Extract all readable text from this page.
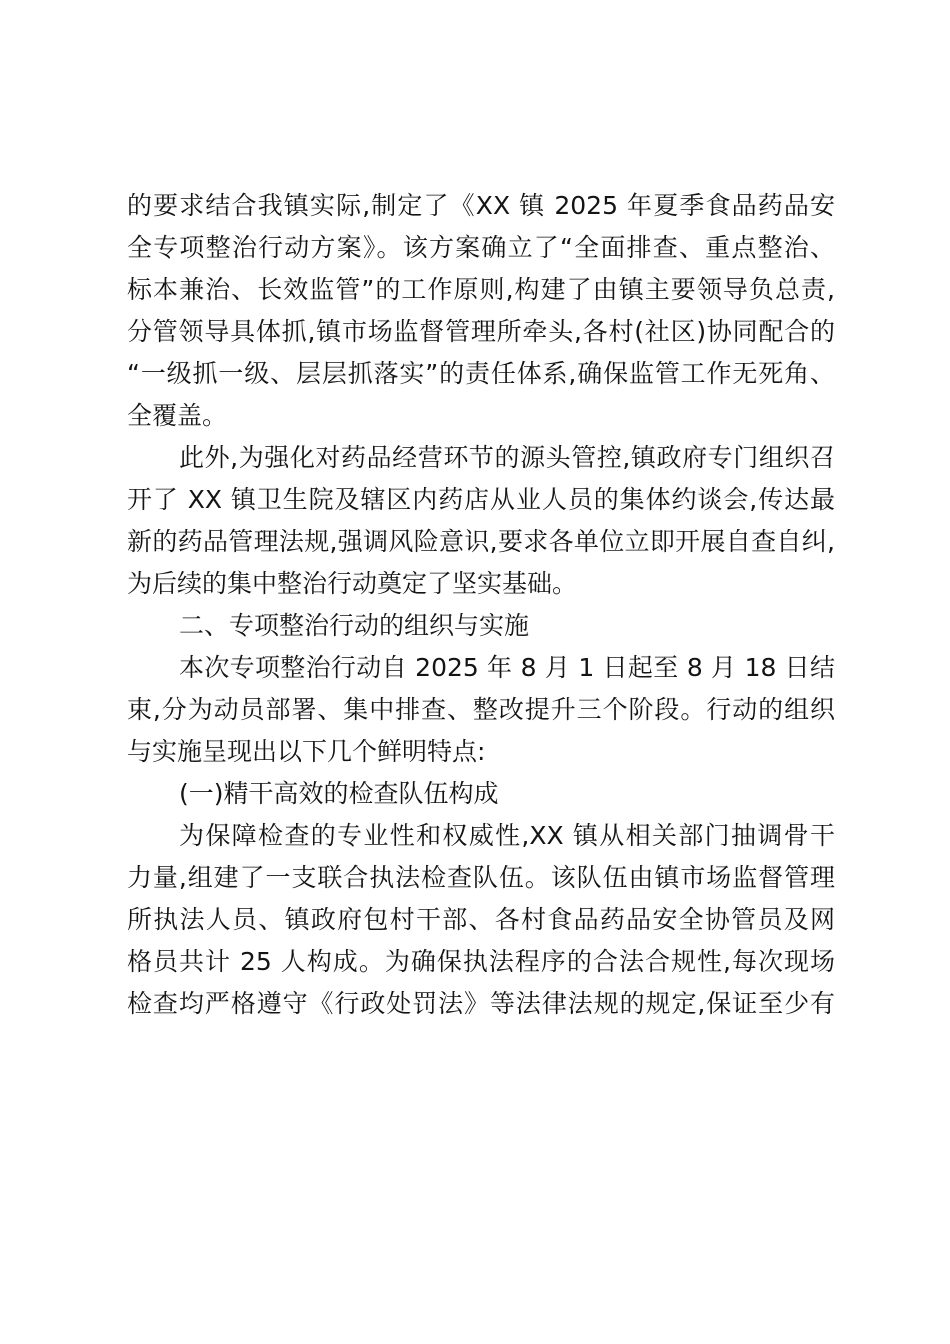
的要求结合我镇实际,制定了《XX 镇 2025 年夏季食品药品安
全专项整治行动方案》。该方案确立了“全面排查、重点整治、
标本兼治、长效监管”的工作原则,构建了由镇主要领导负总责,
分管领导具体抓,镇市场监督管理所牵头,各村(社区)协同配合的
“一级抓一级、层层抓落实”的责任体系,确保监管工作无死角、
全覆盖。
此外,为强化对药品经营环节的源头管控,镇政府专门组织召
开了 XX 镇卫生院及辖区内药店从业人员的集体约谈会,传达最
新的药品管理法规,强调风险意识,要求各单位立即开展自查自纠,
为后续的集中整治行动奠定了坚实基础。
二、专项整治行动的组织与实施
本次专项整治行动自 2025 年 8 月 1 日起至 8 月 18 日结
束,分为动员部署、集中排查、整改提升三个阶段。行动的组织
与实施呈现出以下几个鲜明特点:
(一)精干高效的检查队伍构成
为保障检查的专业性和权威性,XX 镇从相关部门抽调骨干
力量,组建了一支联合执法检查队伍。该队伍由镇市场监督管理
所执法人员、镇政府包村干部、各村食品药品安全协管员及网
格员共计 25 人构成。为确保执法程序的合法合规性,每次现场
检查均严格遵守《行政处罚法》等法律法规的规定,保证至少有
